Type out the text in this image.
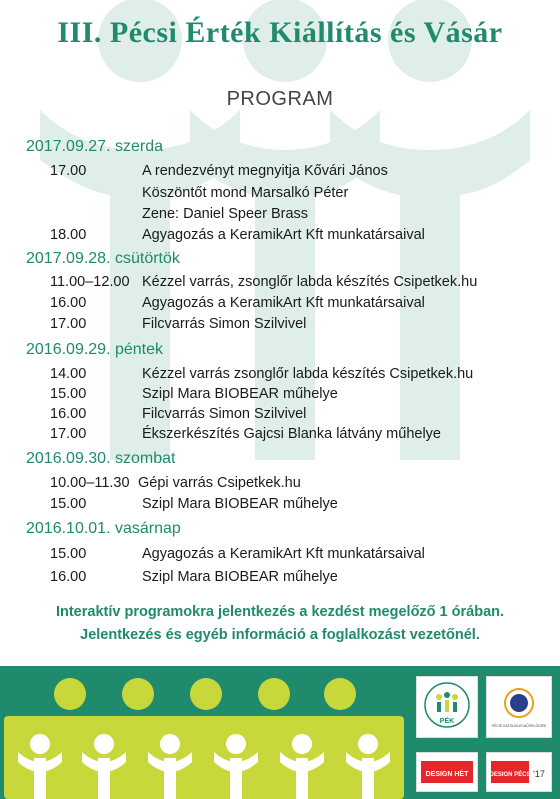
III. Pécsi Érték Kiállítás és Vásár
PROGRAM
2017.09.27. szerda
17.00	A rendezvényt megnyitja Kővári János
Köszöntőt mond Marsalkó Péter
Zene: Daniel Speer Brass
18.00	Agyagozás a KeramikArt Kft munkatársaival
2017.09.28. csütörtök
11.00–12.00 Kézzel varrás, zsonglőr labda készítés Csipetkek.hu
16.00	Agyagozás a KeramikArt Kft munkatársaival
17.00	Filcvarrás Simon Szilvivel
2016.09.29. péntek
14.00	Kézzel varrás zsonglőr labda készítés Csipetkek.hu
15.00	Szipl Mara BIOBEAR műhelye
16.00	Filcvarrás Simon Szilvivel
17.00	Ékszerkészítés Gajcsi Blanka látvány műhelye
2016.09.30. szombat
10.00–11.30 Gépi varrás Csipetkek.hu
15.00	Szipl Mara BIOBEAR műhelye
2016.10.01. vasárnap
15.00	Agyagozás a KeramikArt Kft munkatársaival
16.00	Szipl Mara BIOBEAR műhelye
Interaktív programokra jelentkezés a kezdést megelőző 1 órában.
Jelentkezés és egyéb információ a foglalkozást vezetőnél.
PÉK
PÉCSI KATOLIKUS MŰVELŐDÉSI
DESIGN HÉT	DESIGN PÉCS '17
